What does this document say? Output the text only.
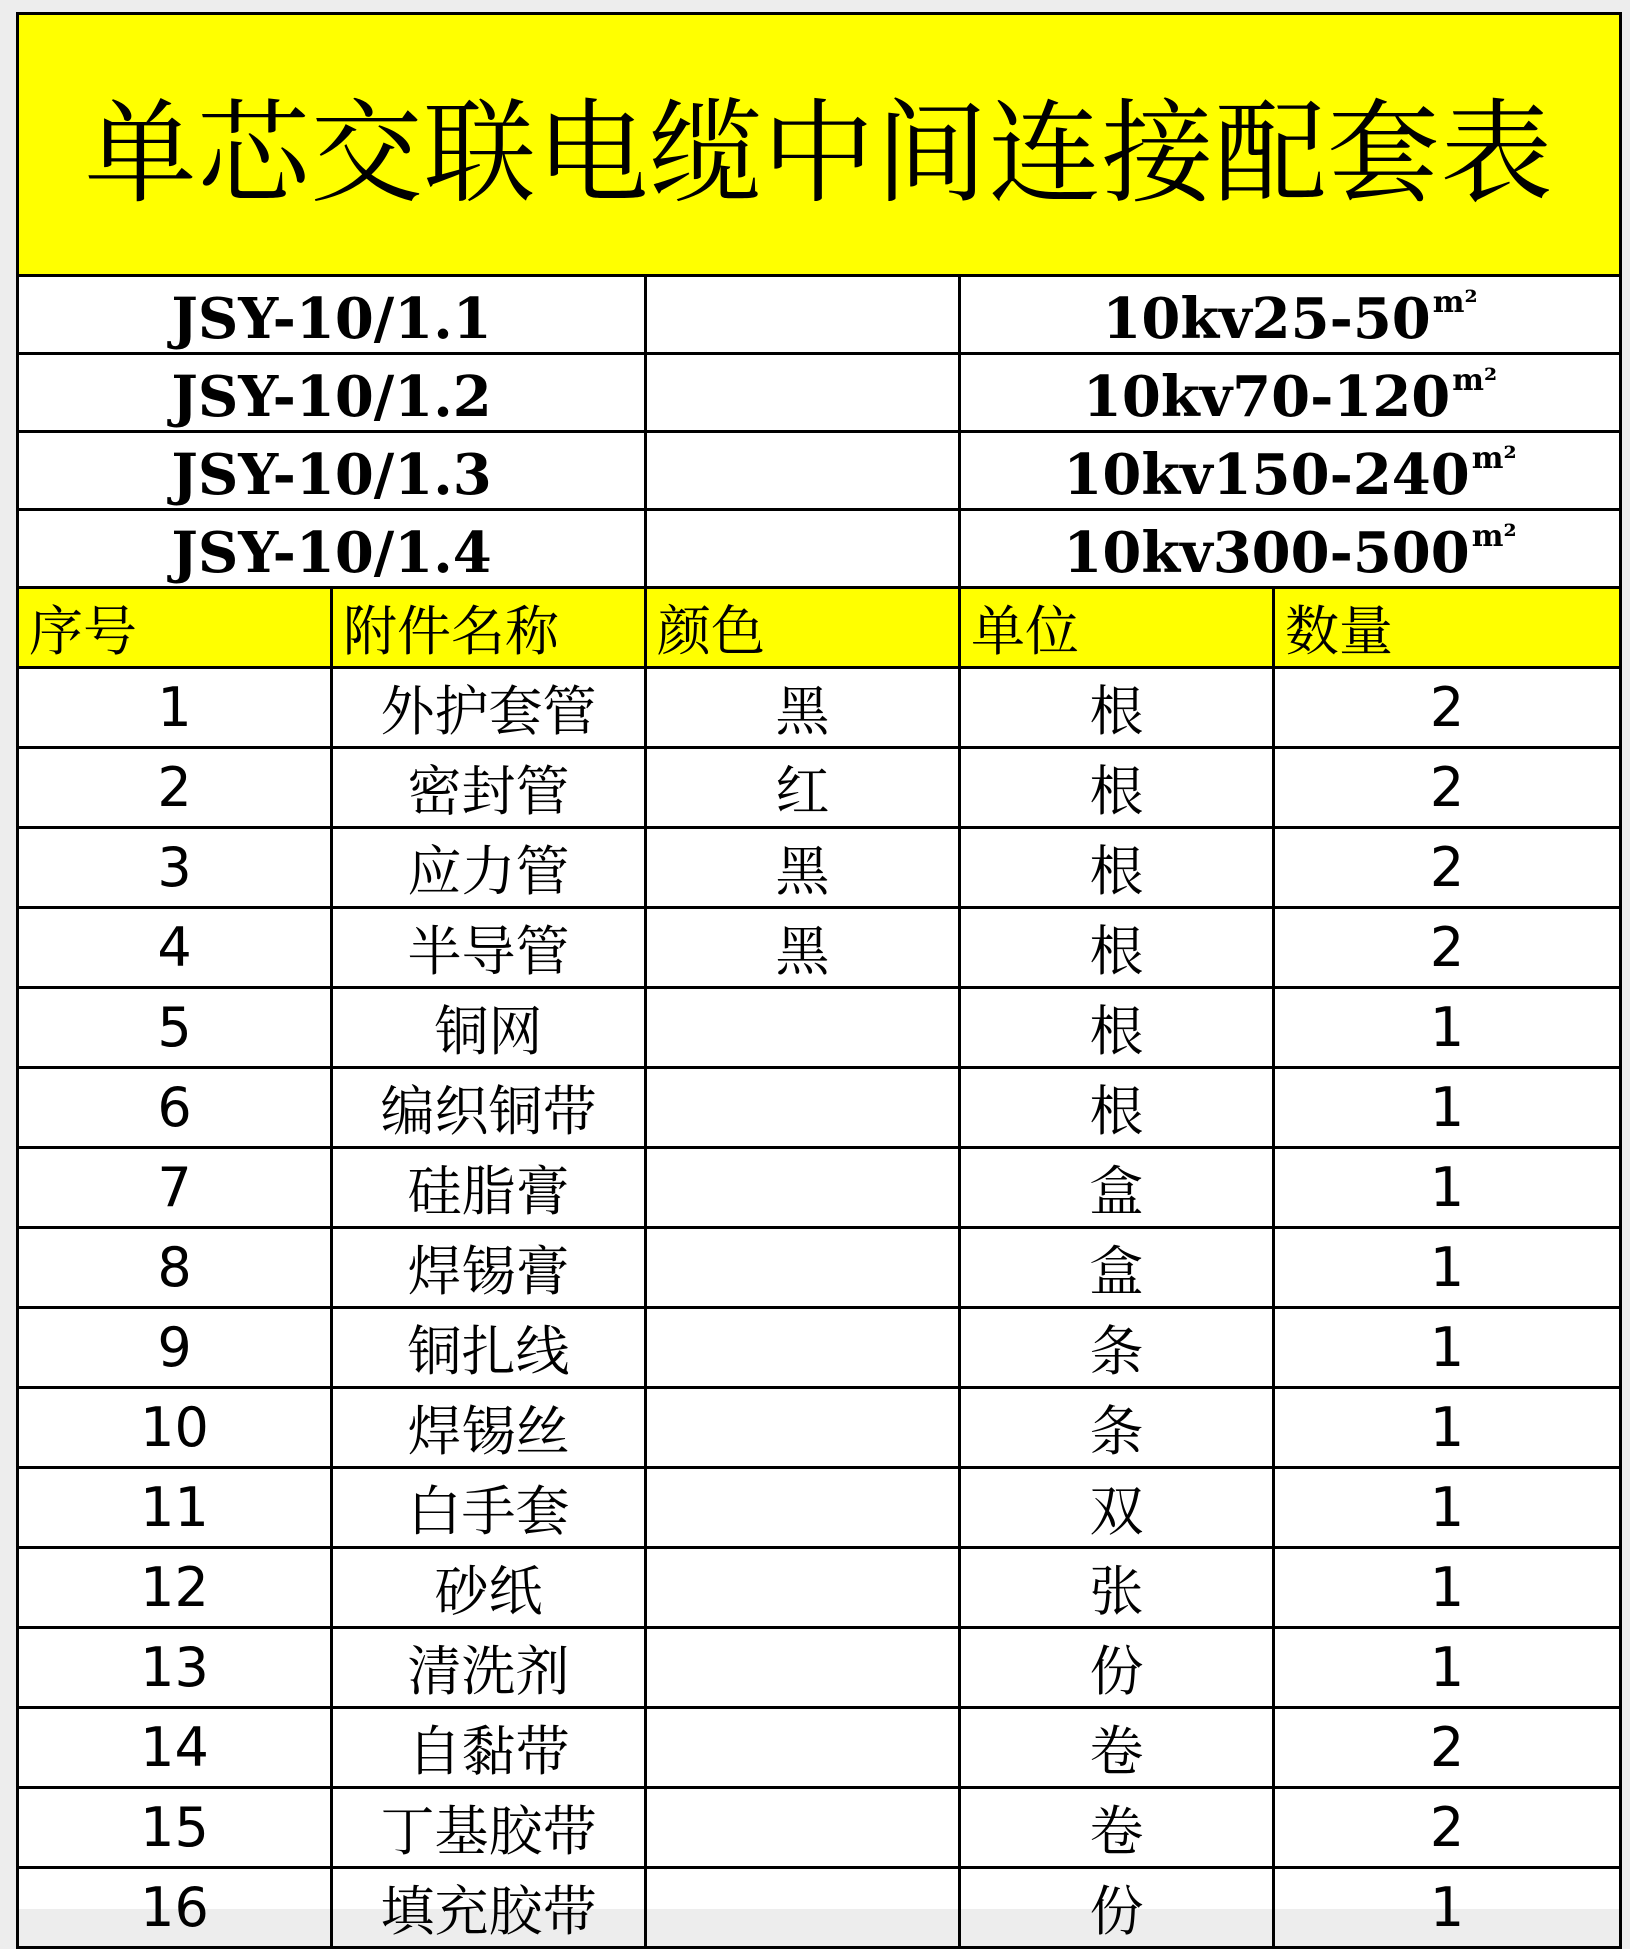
单芯交联电缆中间连接配套表				
JSY-10/1.1			$10kv25-50^{m^2}$
JSY-10/1.2			$10kv70-120^{m^2}$
JSY-10/1.3			$10kv150-240^{m^2}$
JSY-10/1.4			$10kv300-500^{m^2}$
序号	附件名称	颜色	单位	数量
1	外护套管	黑	根	2
2	密封管	红	根	2
3	应力管	黑	根	2
4	半导管	黑	根	2
5	铜网		根	1
6	编织铜带		根	1
7	硅脂膏		盒	1
8	焊锡膏		盒	1
9	铜扎线		条	1
10	焊锡丝		条	1
11	白手套		双	1
12	砂纸		张	1
13	清洗剂		份	1
14	自黏带		卷	2
15	丁基胶带		卷	2
16	填充胶带		份	1
